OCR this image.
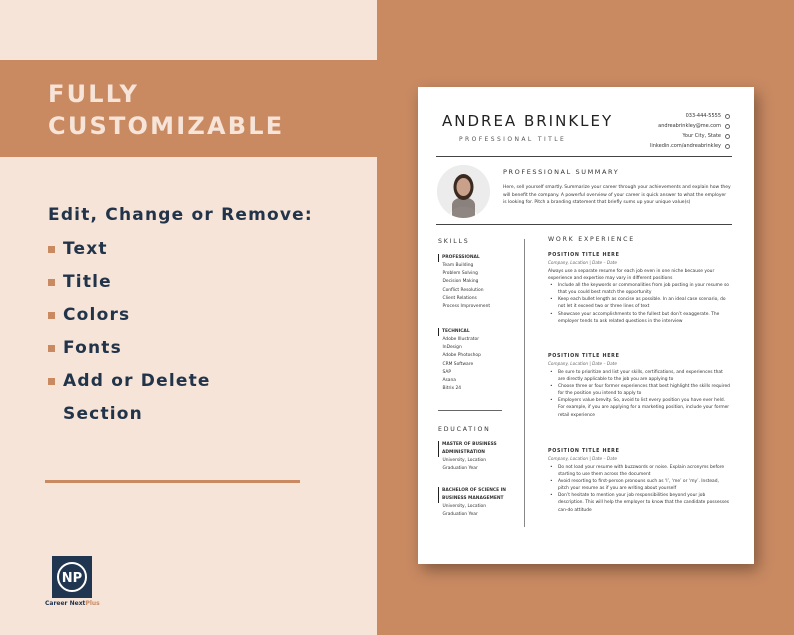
FULLY
CUSTOMIZABLE
Edit, Change or Remove:
Text
Title
Colors
Fonts
Add or Delete
Section
NP
Career NextPlus
ANDREA BRINKLEY
PROFESSIONAL TITLE
033-444-5555
andreabrinkley@me.com
Your City, State
linkedin.com/andreabrinkley
PROFESSIONAL SUMMARY
Here, sell yourself smartly. Summarize your career through your achievements and explain how they will benefit the company. A powerful overview of your career is quick answer to what the employer is looking for. Pitch a branding statement that briefly sums up your unique value(s)
SKILLS
PROFESSIONAL
Team Building
Problem Solving
Decision Making
Conflict Resolution
Client Relations
Process Improvement
TECHNICAL
Adobe Illustrator
InDesign
Adobe Photoshop
CRM Software
SAP
Asana
Bitrix 24
EDUCATION
MASTER OF BUSINESS
ADMINISTRATION
University, Location
Graduation Year
BACHELOR OF SCIENCE IN
BUSINESS MANAGEMENT
University, Location
Graduation Year
WORK EXPERIENCE
POSITION TITLE HERE
Company, Location | Date – Date
Always use a separate resume for each job even in one niche because your experience and expertise may vary in different positions
• Include all the keywords or commonalities from job posting in your resume so that you could best match the opportunity
• Keep each bullet length as concise as possible. In an ideal case scenario, do not let it exceed two or three lines of text
• Showcase your accomplishments to the fullest but don’t exaggerate. The employer tends to ask related questions in the interview
POSITION TITLE HERE
Company, Location | Date – Date
• Be sure to prioritize and list your skills, certifications, and experiences that are directly applicable to the job you are applying to
• Choose three or four former experiences that best highlight the skills required for the position you intend to apply to
• Employers value brevity. So, avoid to list every position you have ever held. For example, if you are applying for a marketing position, include your former retail experience
POSITION TITLE HERE
Company, Location | Date – Date
• Do not load your resume with buzzwords or noise. Explain acronyms before starting to use them across the document
• Avoid resorting to first-person pronouns such as ‘I’, ‘me’ or ‘my’. Instead, pitch your resume as if you are writing about yourself
• Don’t hesitate to mention your job responsibilities beyond your job description. This will help the employer to know that the candidate possesses can-do attitude
